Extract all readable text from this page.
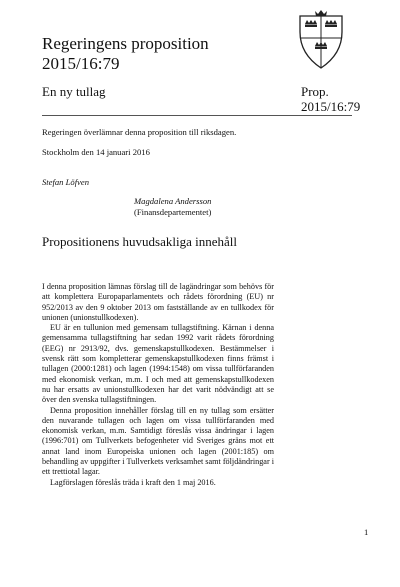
Regeringens proposition
2015/16:79
En ny tullag	Prop.
2015/16:79
Regeringen överlämnar denna proposition till riksdagen.
Stockholm den 14 januari 2016
Stefan Löfven
Magdalena Andersson
(Finansdepartementet)
Propositionens huvudsakliga innehåll

I denna proposition lämnas förslag till de lagändringar som behövs för att komplettera Europaparlamentets och rådets förordning (EU) nr 952/2013 av den 9 oktober 2013 om fastställande av en tullkodex för unionen (unionstullkodexen).

EU är en tullunion med gemensam tullagstiftning. Kärnan i denna gemensamma tullagstiftning har sedan 1992 varit rådets förordning (EEG) nr 2913/92, dvs. gemenskapstullkodexen. Bestämmelser i svensk rätt som kompletterar gemenskapstullkodexen finns främst i tullagen (2000:1281) och lagen (1994:1548) om vissa tullförfaranden med ekonomisk verkan, m.m. I och med att gemenskapstullkodexen nu har ersatts av unionstullkodexen har det varit nödvändigt att se över den svenska tullagstiftningen.

Denna proposition innehåller förslag till en ny tullag som ersätter den nuvarande tullagen och lagen om vissa tullförfaranden med ekonomisk verkan, m.m. Samtidigt föreslås vissa ändringar i lagen (1996:701) om Tullverkets befogenheter vid Sveriges gräns mot ett annat land inom Europeiska unionen och lagen (2001:185) om behandling av uppgifter i Tullverkets verksamhet samt följdändringar i ett trettiotal lagar.

Lagförslagen föreslås träda i kraft den 1 maj 2016.

1
